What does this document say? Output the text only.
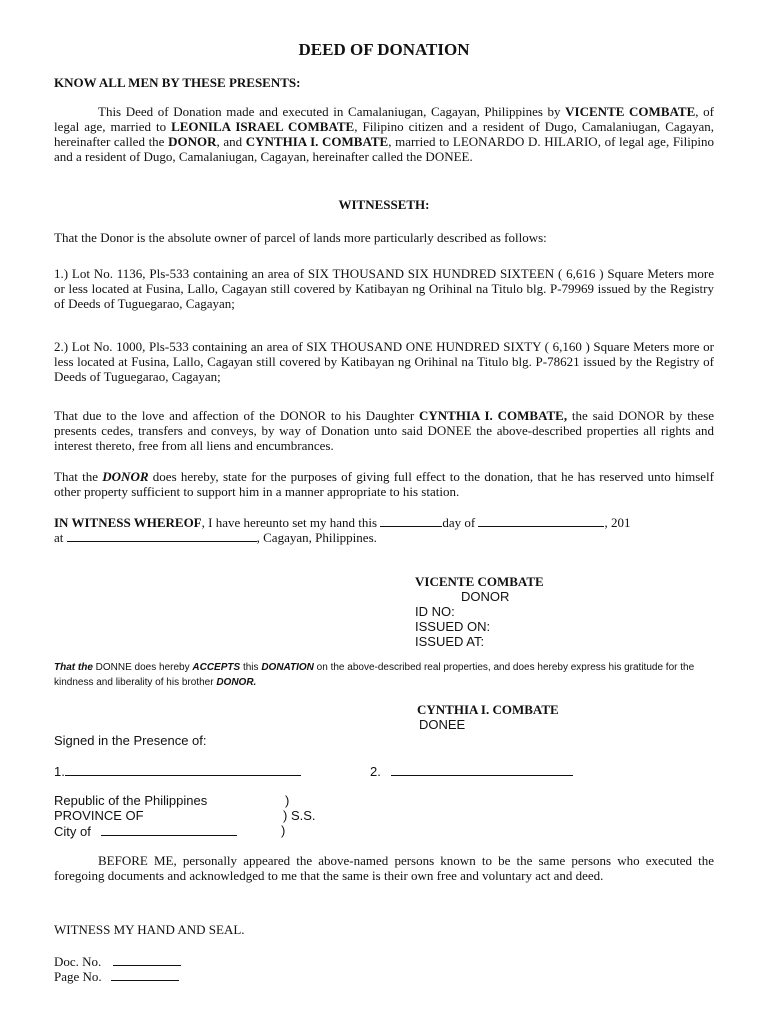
DEED OF DONATION
KNOW ALL MEN BY THESE PRESENTS:
This Deed of Donation made and executed in Camalaniugan, Cagayan, Philippines by VICENTE COMBATE, of legal age, married to LEONILA ISRAEL COMBATE, Filipino citizen and a resident of Dugo, Camalaniugan, Cagayan, hereinafter called the DONOR, and CYNTHIA I. COMBATE, married to LEONARDO D. HILARIO, of legal age, Filipino and a resident of Dugo, Camalaniugan, Cagayan, hereinafter called the DONEE.
WITNESSETH:
That the Donor is the absolute owner of parcel of lands more particularly described as follows:
1.) Lot No. 1136, Pls-533 containing an area of SIX THOUSAND SIX HUNDRED SIXTEEN ( 6,616 ) Square Meters more or less located at Fusina, Lallo, Cagayan still covered by Katibayan ng Orihinal na Titulo blg. P-79969 issued by the Registry of Deeds of Tuguegarao, Cagayan;
2.) Lot No. 1000, Pls-533 containing an area of SIX THOUSAND ONE HUNDRED SIXTY ( 6,160 ) Square Meters more or less located at Fusina, Lallo, Cagayan still covered by Katibayan ng Orihinal na Titulo blg. P-78621 issued by the Registry of Deeds of Tuguegarao, Cagayan;
That due to the love and affection of the DONOR to his Daughter CYNTHIA I. COMBATE, the said DONOR by these presents cedes, transfers and conveys, by way of Donation unto said DONEE the above-described properties all rights and interest thereto, free from all liens and encumbrances.
That the DONOR does hereby, state for the purposes of giving full effect to the donation, that he has reserved unto himself other property sufficient to support him in a manner appropriate to his station.
IN WITNESS WHEREOF, I have hereunto set my hand this	day of	, 201
at	, Cagayan, Philippines.
VICENTE COMBATE
DONOR
ID NO:
ISSUED ON:
ISSUED AT:
That the DONNE does hereby ACCEPTS this DONATION on the above-described real properties, and does hereby express his gratitude for the kindness and liberality of his brother DONOR.
CYNTHIA I. COMBATE
DONEE
Signed in the Presence of:
1.	2.
Republic of the Philippines	)
PROVINCE OF	) S.S.
City of	)
BEFORE ME, personally appeared the above-named persons known to be the same persons who executed the foregoing documents and acknowledged to me that the same is their own free and voluntary act and deed.
WITNESS MY HAND AND SEAL.
Doc. No.
Page No.
